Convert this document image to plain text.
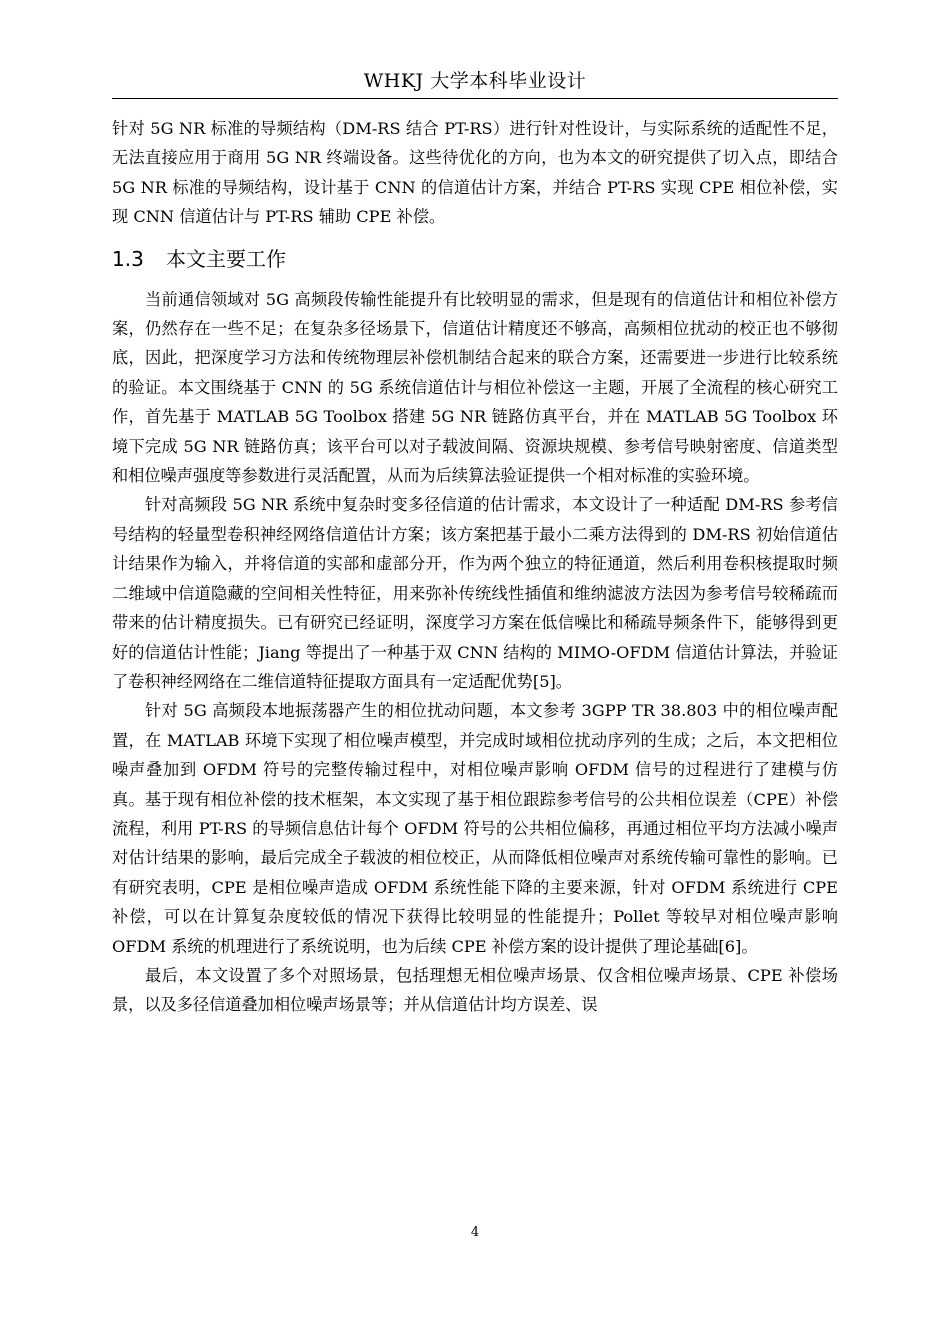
WHKJ 大学本科毕业设计

针对 5G NR 标准的导频结构（DM-RS 结合 PT-RS）进行针对性设计，与实际系统的适配性不足，无法直接应用于商用 5G NR 终端设备。这些待优化的方向，也为本文的研究提供了切入点，即结合 5G NR 标准的导频结构，设计基于 CNN 的信道估计方案，并结合 PT-RS 实现 CPE 相位补偿，实现 CNN 信道估计与 PT-RS 辅助 CPE 补偿。

1.3 本文主要工作

当前通信领域对 5G 高频段传输性能提升有比较明显的需求，但是现有的信道估计和相位补偿方案，仍然存在一些不足；在复杂多径场景下，信道估计精度还不够高，高频相位扰动的校正也不够彻底，因此，把深度学习方法和传统物理层补偿机制结合起来的联合方案，还需要进一步进行比较系统的验证。本文围绕基于 CNN 的 5G 系统信道估计与相位补偿这一主题，开展了全流程的核心研究工作，首先基于 MATLAB 5G Toolbox 搭建 5G NR 链路仿真平台，并在 MATLAB 5G Toolbox 环境下完成 5G NR 链路仿真；该平台可以对子载波间隔、资源块规模、参考信号映射密度、信道类型和相位噪声强度等参数进行灵活配置，从而为后续算法验证提供一个相对标准的实验环境。

针对高频段 5G NR 系统中复杂时变多径信道的估计需求，本文设计了一种适配 DM-RS 参考信号结构的轻量型卷积神经网络信道估计方案；该方案把基于最小二乘方法得到的 DM-RS 初始信道估计结果作为输入，并将信道的实部和虚部分开，作为两个独立的特征通道，然后利用卷积核提取时频二维域中信道隐藏的空间相关性特征，用来弥补传统线性插值和维纳滤波方法因为参考信号较稀疏而带来的估计精度损失。已有研究已经证明，深度学习方案在低信噪比和稀疏导频条件下，能够得到更好的信道估计性能；Jiang 等提出了一种基于双 CNN 结构的 MIMO-OFDM 信道估计算法，并验证了卷积神经网络在二维信道特征提取方面具有一定适配优势[5]。

针对 5G 高频段本地振荡器产生的相位扰动问题，本文参考 3GPP TR 38.803 中的相位噪声配置，在 MATLAB 环境下实现了相位噪声模型，并完成时域相位扰动序列的生成；之后，本文把相位噪声叠加到 OFDM 符号的完整传输过程中，对相位噪声影响 OFDM 信号的过程进行了建模与仿真。基于现有相位补偿的技术框架，本文实现了基于相位跟踪参考信号的公共相位误差（CPE）补偿流程，利用 PT-RS 的导频信息估计每个 OFDM 符号的公共相位偏移，再通过相位平均方法减小噪声对估计结果的影响，最后完成全子载波的相位校正，从而降低相位噪声对系统传输可靠性的影响。已有研究表明，CPE 是相位噪声造成 OFDM 系统性能下降的主要来源，针对 OFDM 系统进行 CPE 补偿，可以在计算复杂度较低的情况下获得比较明显的性能提升；Pollet 等较早对相位噪声影响 OFDM 系统的机理进行了系统说明，也为后续 CPE 补偿方案的设计提供了理论基础[6]。

最后，本文设置了多个对照场景，包括理想无相位噪声场景、仅含相位噪声场景、CPE 补偿场景，以及多径信道叠加相位噪声场景等；并从信道估计均方误差、误

4
